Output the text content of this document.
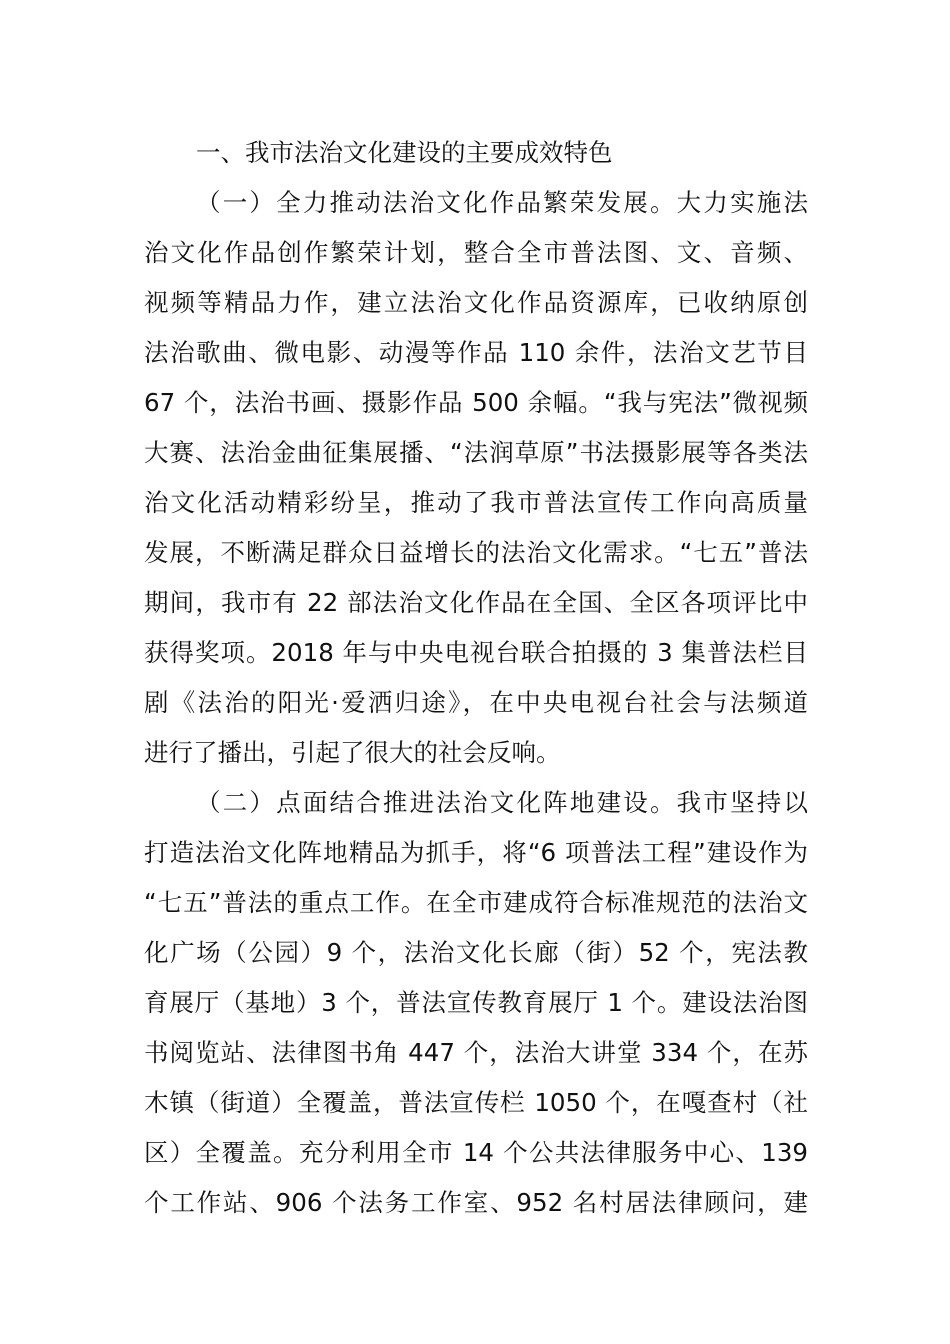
一、我市法治文化建设的主要成效特色
（一）全力推动法治文化作品繁荣发展。大力实施法
治文化作品创作繁荣计划，整合全市普法图、文、音频、
视频等精品力作，建立法治文化作品资源库，已收纳原创
法治歌曲、微电影、动漫等作品 110 余件，法治文艺节目
67 个，法治书画、摄影作品 500 余幅。“我与宪法”微视频
大赛、法治金曲征集展播、“法润草原”书法摄影展等各类法
治文化活动精彩纷呈，推动了我市普法宣传工作向高质量
发展，不断满足群众日益增长的法治文化需求。“七五”普法
期间，我市有 22 部法治文化作品在全国、全区各项评比中
获得奖项。2018 年与中央电视台联合拍摄的 3 集普法栏目
剧《法治的阳光·爱洒归途》，在中央电视台社会与法频道
进行了播出，引起了很大的社会反响。
（二）点面结合推进法治文化阵地建设。我市坚持以
打造法治文化阵地精品为抓手，将“6 项普法工程”建设作为
“七五”普法的重点工作。在全市建成符合标准规范的法治文
化广场（公园）9 个，法治文化长廊（街）52 个，宪法教
育展厅（基地）3 个，普法宣传教育展厅 1 个。建设法治图
书阅览站、法律图书角 447 个，法治大讲堂 334 个，在苏
木镇（街道）全覆盖，普法宣传栏 1050 个，在嘎查村（社
区）全覆盖。充分利用全市 14 个公共法律服务中心、139
个工作站、906 个法务工作室、952 名村居法律顾问，建
